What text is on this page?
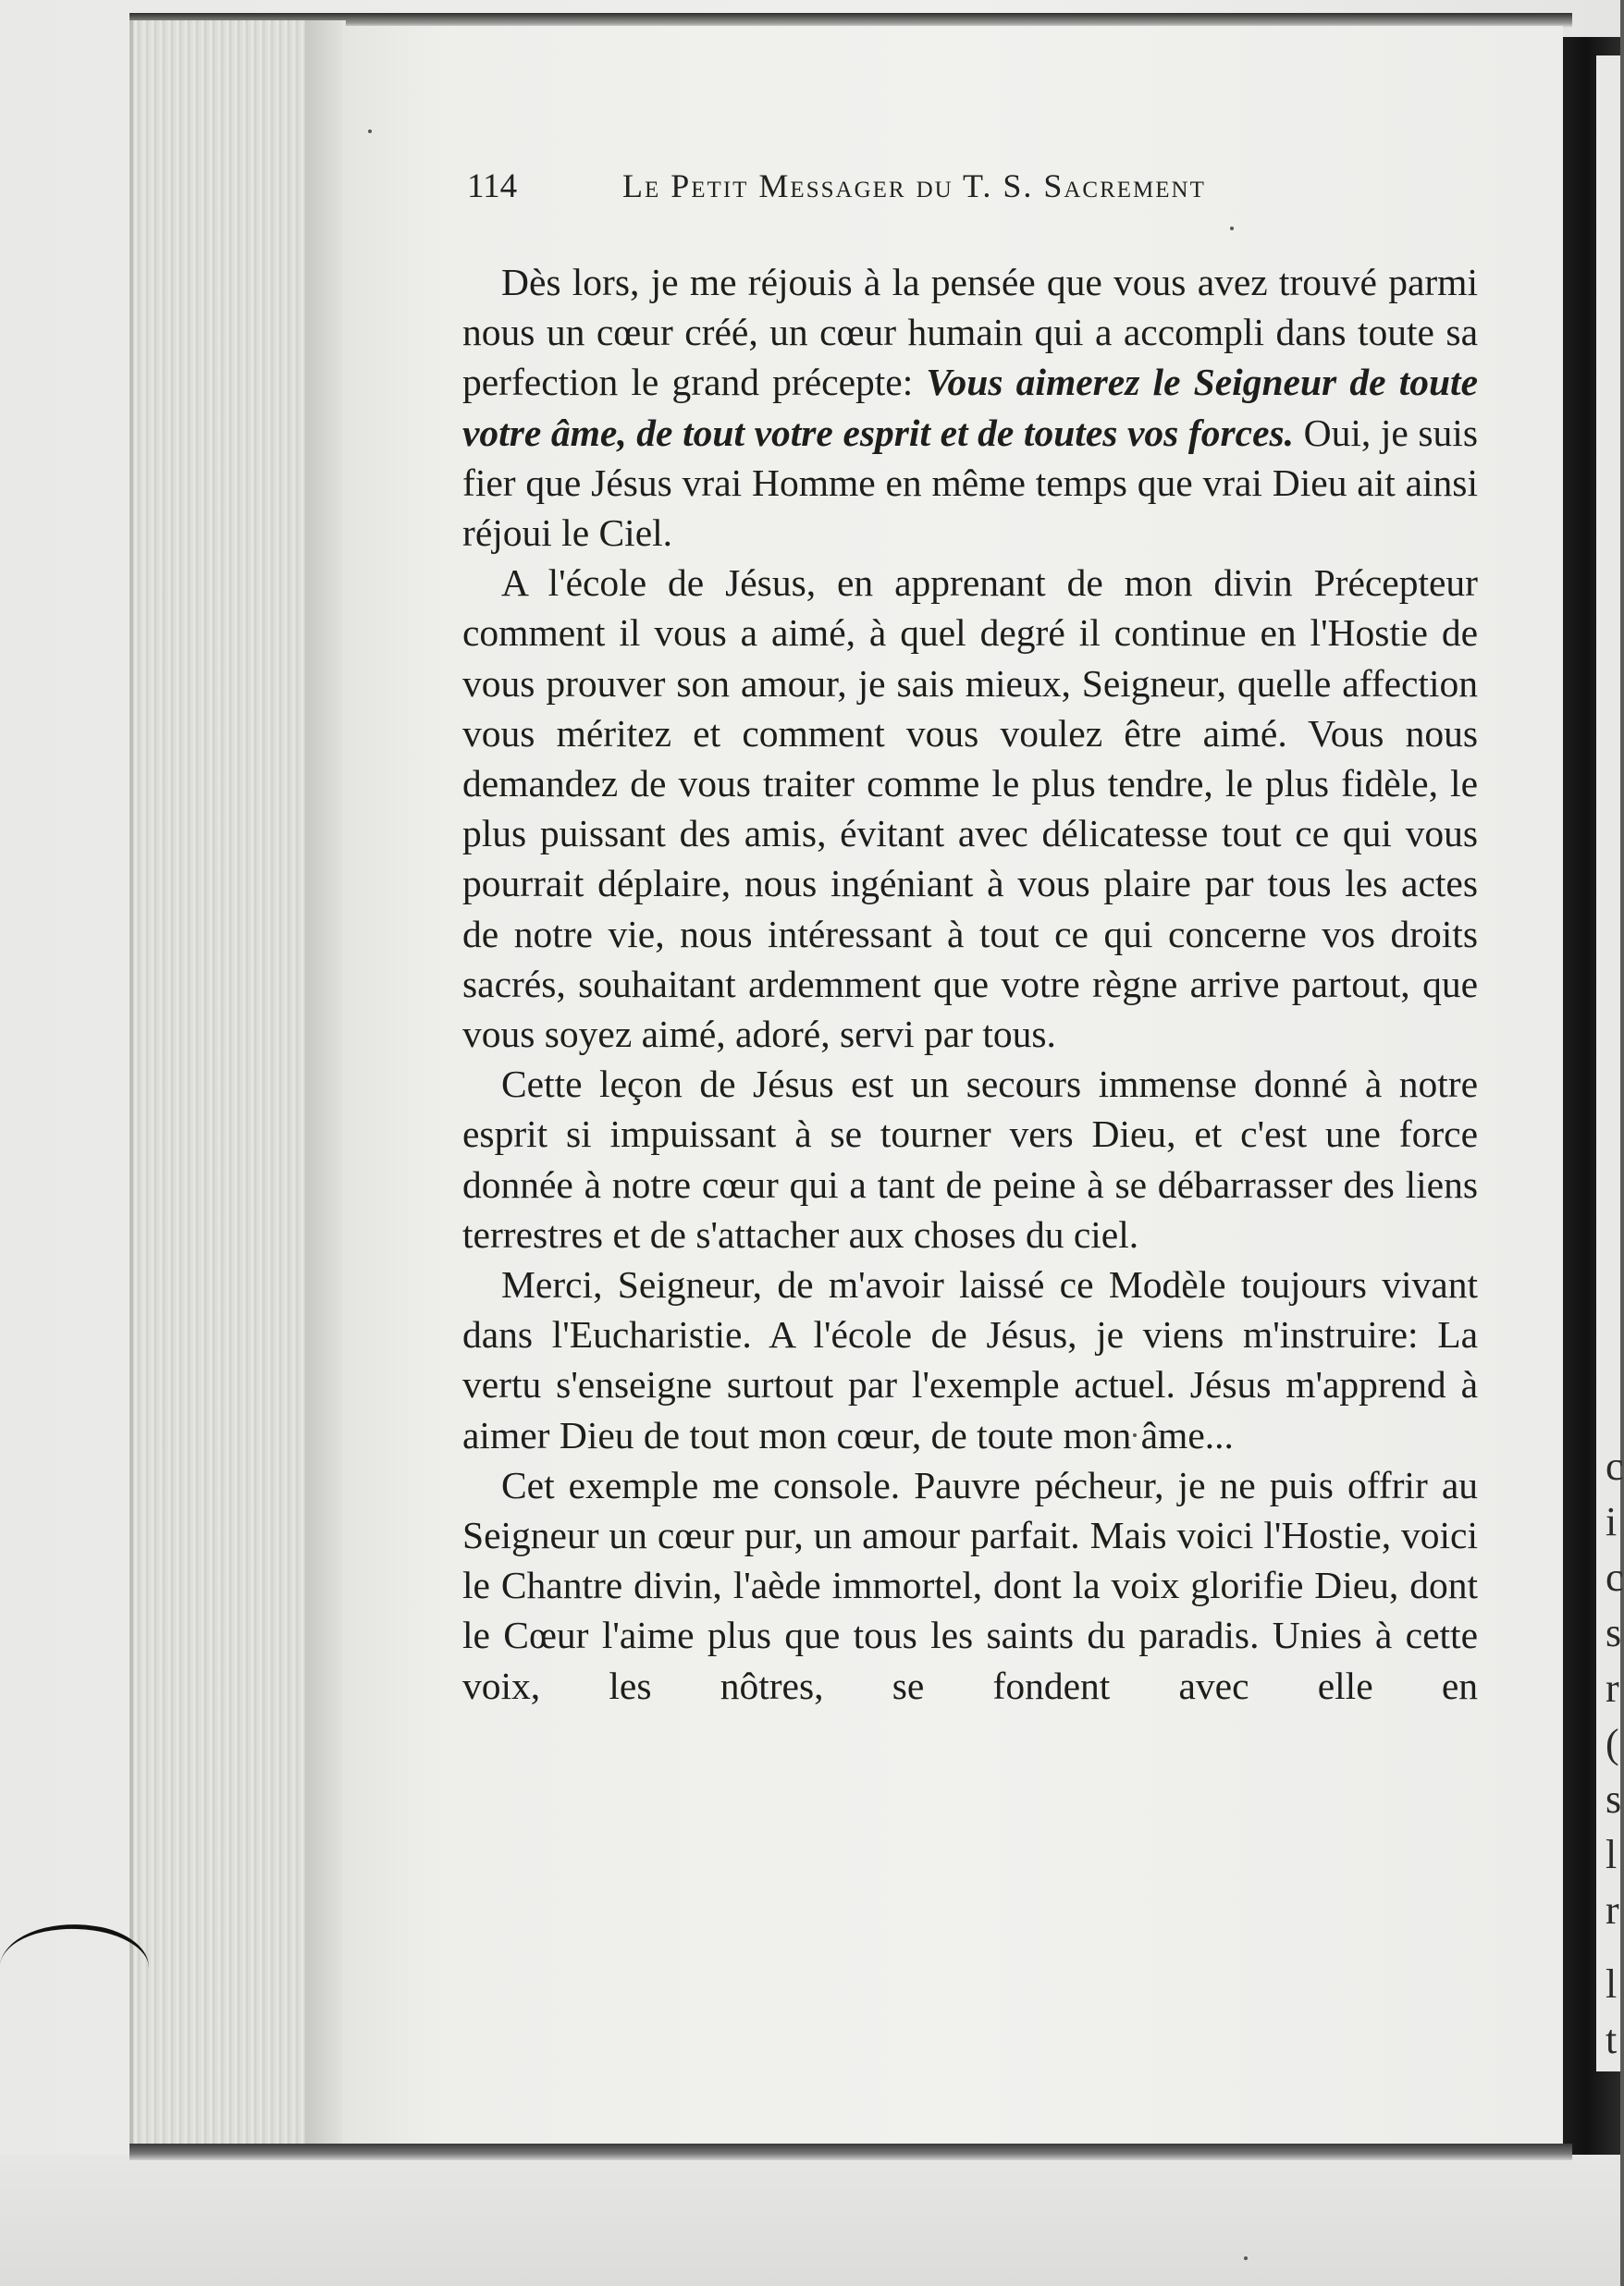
c
i
c
s
r
(
s
l
r
l
t
114	Le Petit Messager du T. S. Sacrement

Dès lors, je me réjouis à la pensée que vous avez trouvé parmi nous un cœur créé, un cœur humain qui a accompli dans toute sa perfection le grand précepte: Vous aimerez le Seigneur de toute votre âme, de tout votre esprit et de toutes vos forces. Oui, je suis fier que Jésus vrai Homme en même temps que vrai Dieu ait ainsi réjoui le Ciel.

A l'école de Jésus, en apprenant de mon divin Précepteur comment il vous a aimé, à quel degré il continue en l'Hostie de vous prouver son amour, je sais mieux, Seigneur, quelle affection vous méritez et comment vous voulez être aimé. Vous nous demandez de vous traiter comme le plus tendre, le plus fidèle, le plus puissant des amis, évitant avec délicatesse tout ce qui vous pourrait déplaire, nous ingéniant à vous plaire par tous les actes de notre vie, nous intéressant à tout ce qui concerne vos droits sacrés, souhaitant ardemment que votre règne arrive partout, que vous soyez aimé, adoré, servi par tous.

Cette leçon de Jésus est un secours immense donné à notre esprit si impuissant à se tourner vers Dieu, et c'est une force donnée à notre cœur qui a tant de peine à se débarrasser des liens terrestres et de s'attacher aux choses du ciel.

Merci, Seigneur, de m'avoir laissé ce Modèle toujours vivant dans l'Eucharistie. A l'école de Jésus, je viens m'instruire: La vertu s'enseigne surtout par l'exemple actuel. Jésus m'apprend à aimer Dieu de tout mon cœur, de toute mon âme...

Cet exemple me console. Pauvre pécheur, je ne puis offrir au Seigneur un cœur pur, un amour parfait. Mais voici l'Hostie, voici le Chantre divin, l'aède immortel, dont la voix glorifie Dieu, dont le Cœur l'aime plus que tous les saints du paradis. Unies à cette voix, les nôtres, se fondent avec elle en
